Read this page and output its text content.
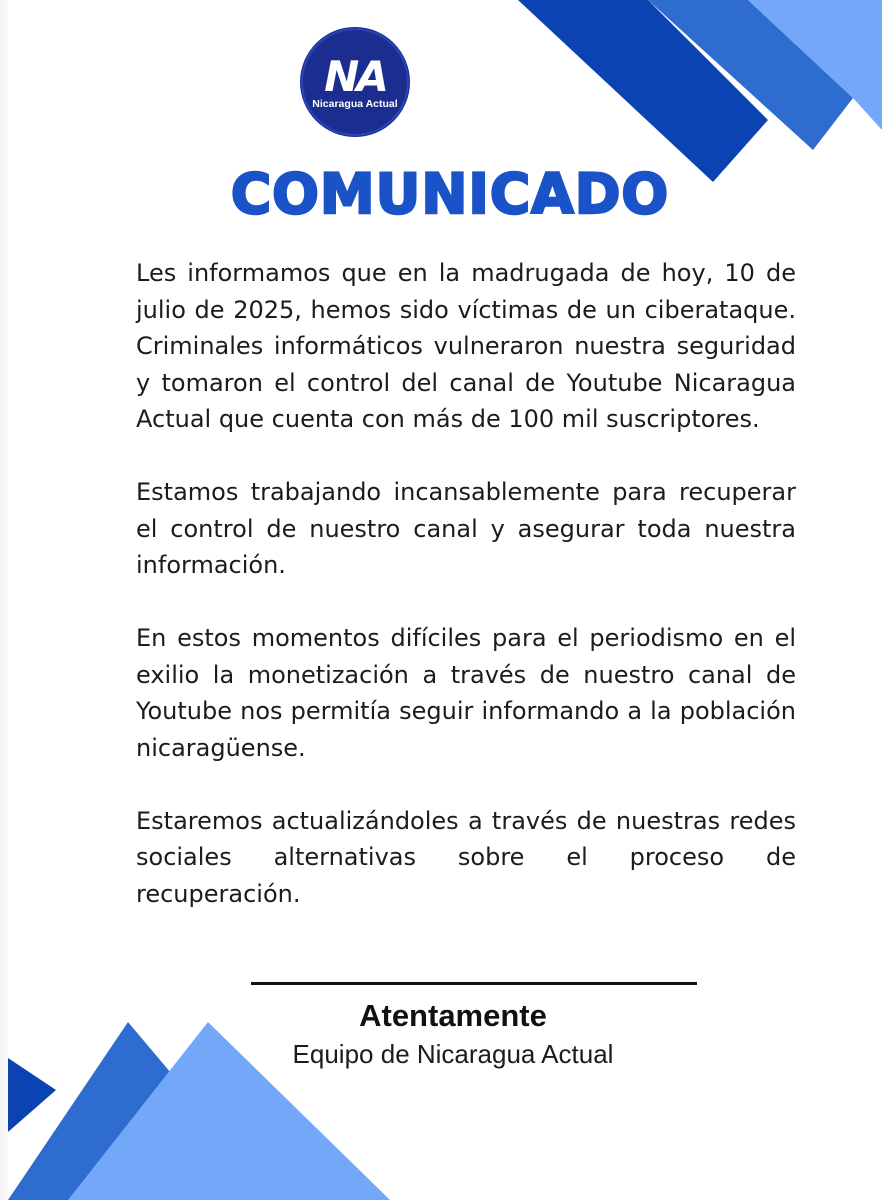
NA
Nicaragua Actual
COMUNICADO

Les informamos que en la madrugada de hoy, 10 de julio de 2025, hemos sido víctimas de un ciberataque. Criminales informáticos vulneraron nuestra seguridad y tomaron el control del canal de Youtube Nicaragua Actual que cuenta con más de 100 mil suscriptores.

Estamos trabajando incansablemente para recuperar el control de nuestro canal y asegurar toda nuestra información.

En estos momentos difíciles para el periodismo en el exilio la monetización a través de nuestro canal de Youtube nos permitía seguir informando a la población nicaragüense.

Estaremos actualizándoles a través de nuestras redes sociales alternativas sobre el proceso de recuperación.

Atentamente
Equipo de Nicaragua Actual
